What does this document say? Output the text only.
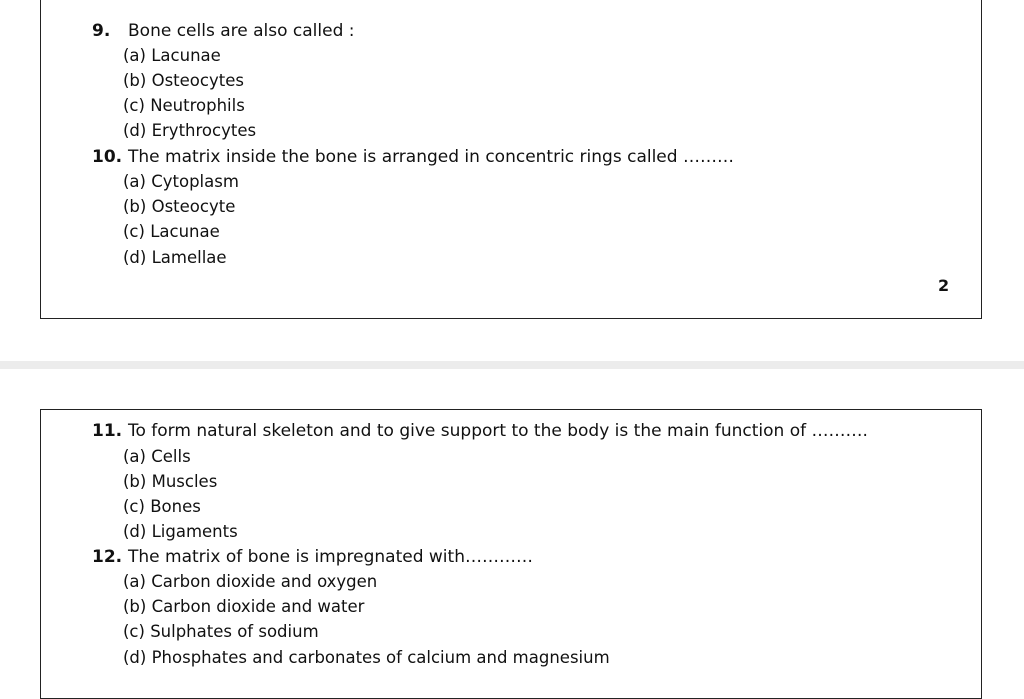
9. Bone cells are also called :
(a) Lacunae
(b) Osteocytes
(c) Neutrophils
(d) Erythrocytes
10. The matrix inside the bone is arranged in concentric rings called ………
(a) Cytoplasm
(b) Osteocyte
(c) Lacunae
(d) Lamellae
2
11. To form natural skeleton and to give support to the body is the main function of ……….
(a) Cells
(b) Muscles
(c) Bones
(d) Ligaments
12. The matrix of bone is impregnated with…………
(a) Carbon dioxide and oxygen
(b) Carbon dioxide and water
(c) Sulphates of sodium
(d) Phosphates and carbonates of calcium and magnesium
